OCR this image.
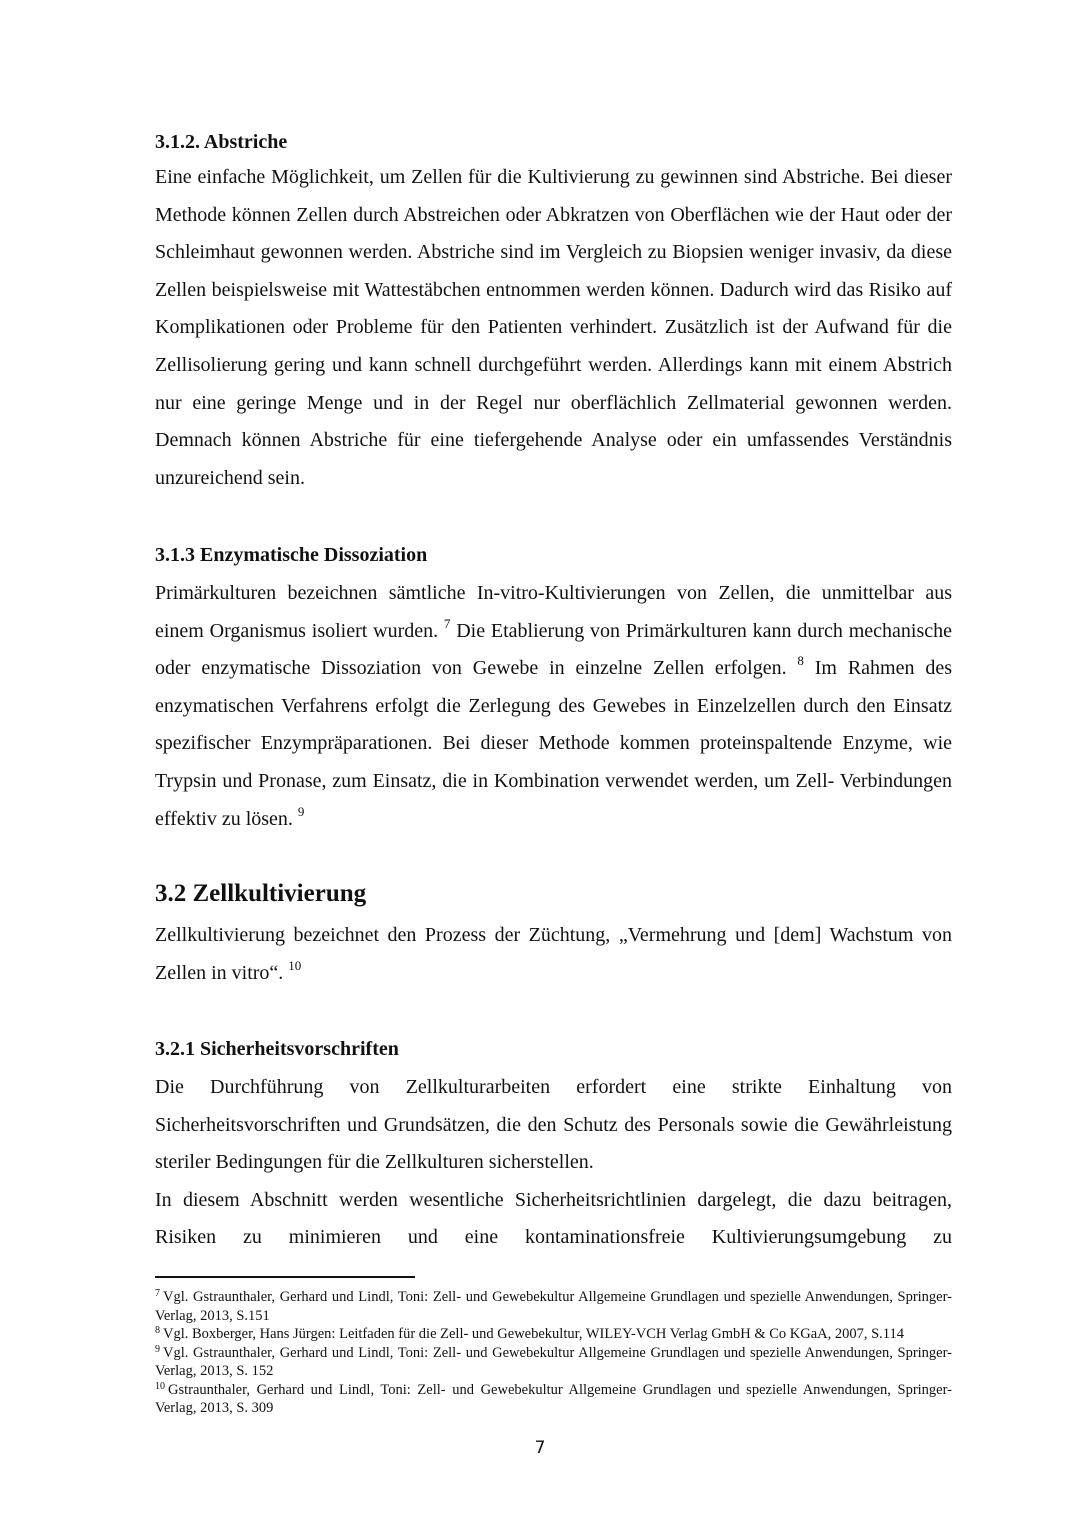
3.1.2. Abstriche

Eine einfache Möglichkeit, um Zellen für die Kultivierung zu gewinnen sind Abstriche. Bei dieser Methode können Zellen durch Abstreichen oder Abkratzen von Oberflächen wie der Haut oder der Schleimhaut gewonnen werden. Abstriche sind im Vergleich zu Biopsien weniger invasiv, da diese Zellen beispielsweise mit Wattestäbchen entnommen werden können. Dadurch wird das Risiko auf Komplikationen oder Probleme für den Patienten verhindert. Zusätzlich ist der Aufwand für die Zellisolierung gering und kann schnell durchgeführt werden. Allerdings kann mit einem Abstrich nur eine geringe Menge und in der Regel nur oberflächlich Zellmaterial gewonnen werden. Demnach können Abstriche für eine tiefergehende Analyse oder ein umfassendes Verständnis unzureichend sein.

3.1.3 Enzymatische Dissoziation

Primärkulturen bezeichnen sämtliche In-vitro-Kultivierungen von Zellen, die unmittelbar aus einem Organismus isoliert wurden. $^7$ Die Etablierung von Primärkulturen kann durch mechanische oder enzymatische Dissoziation von Gewebe in einzelne Zellen erfolgen. $^8$ Im Rahmen des enzymatischen Verfahrens erfolgt die Zerlegung des Gewebes in Einzelzellen durch den Einsatz spezifischer Enzympräparationen. Bei dieser Methode kommen proteinspaltende Enzyme, wie Trypsin und Pronase, zum Einsatz, die in Kombination verwendet werden, um Zell- Verbindungen effektiv zu lösen. $^9$

3.2 Zellkultivierung

Zellkultivierung bezeichnet den Prozess der Züchtung, „Vermehrung und [dem] Wachstum von Zellen in vitro“. $^{10}$

3.2.1 Sicherheitsvorschriften

Die Durchführung von Zellkulturarbeiten erfordert eine strikte Einhaltung von Sicherheitsvorschriften und Grundsätzen, die den Schutz des Personals sowie die Gewährleistung steriler Bedingungen für die Zellkulturen sicherstellen.

In diesem Abschnitt werden wesentliche Sicherheitsrichtlinien dargelegt, die dazu beitragen, Risiken zu minimieren und eine kontaminationsfreie Kultivierungsumgebung zu

$^7$ Vgl. Gstraunthaler, Gerhard und Lindl, Toni: Zell- und Gewebekultur Allgemeine Grundlagen und spezielle Anwendungen, Springer-Verlag, 2013, S.151

$^8$ Vgl. Boxberger, Hans Jürgen: Leitfaden für die Zell- und Gewebekultur, WILEY-VCH Verlag GmbH & Co KGaA, 2007, S.114

$^9$ Vgl. Gstraunthaler, Gerhard und Lindl, Toni: Zell- und Gewebekultur Allgemeine Grundlagen und spezielle Anwendungen, Springer-Verlag, 2013, S. 152

$^{10}$ Gstraunthaler, Gerhard und Lindl, Toni: Zell- und Gewebekultur Allgemeine Grundlagen und spezielle Anwendungen, Springer-Verlag, 2013, S. 309

7
